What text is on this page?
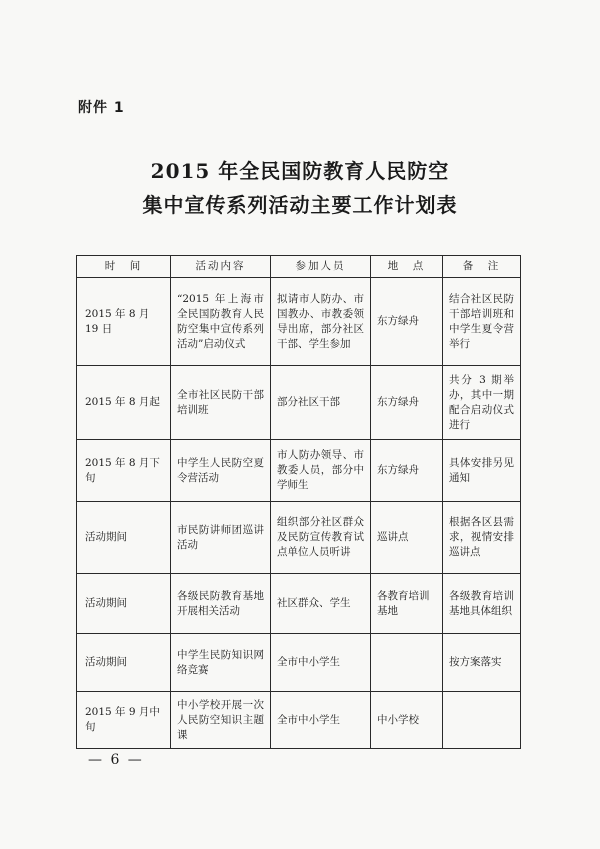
附件 1
2015 年全民国防教育人民防空
集中宣传系列活动主要工作计划表
时　间	活动内容	参加人员	地　点	备　注
2015 年 8 月 19 日	“2015 年上海市全民国防教育人民防空集中宣传系列活动”启动仪式	拟请市人防办、市国教办、市教委领导出席，部分社区干部、学生参加	东方绿舟	结合社区民防干部培训班和中学生夏令营举行
2015 年 8 月起	全市社区民防干部培训班	部分社区干部	东方绿舟	共分 3 期举办，其中一期配合启动仪式进行
2015 年 8 月下旬	中学生人民防空夏令营活动	市人防办领导、市教委人员，部分中学师生	东方绿舟	具体安排另见通知
活动期间	市民防讲师团巡讲活动	组织部分社区群众及民防宣传教育试点单位人员听讲	巡讲点	根据各区县需求，视情安排巡讲点
活动期间	各级民防教育基地开展相关活动	社区群众、学生	各教育培训基地	各级教育培训基地具体组织
活动期间	中学生民防知识网络竞赛	全市中小学生		按方案落实
2015 年 9 月中旬	中小学校开展一次人民防空知识主题课	全市中小学生	中小学校	
— 6 —
